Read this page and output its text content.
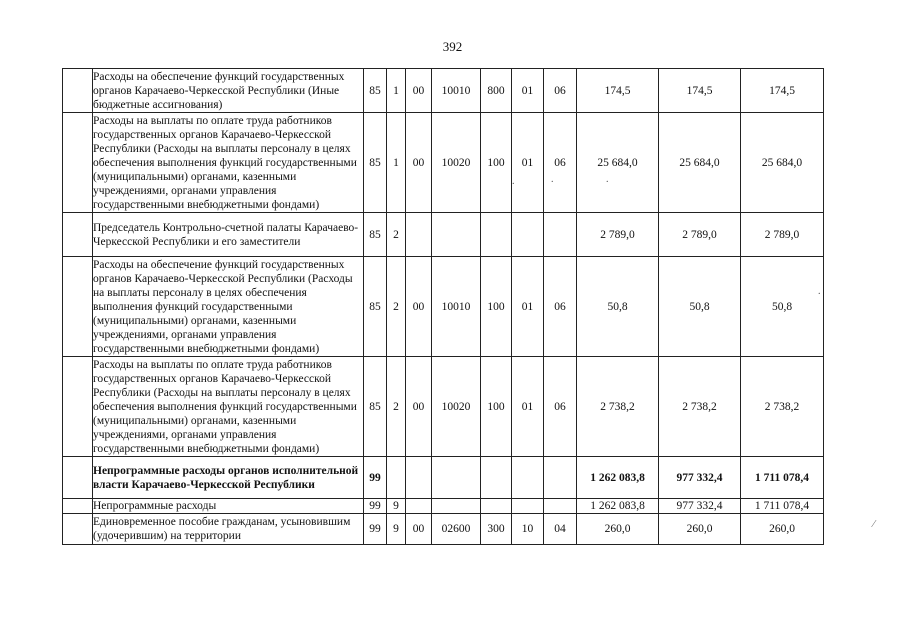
392
	Расходы на обеспечение функций государственных органов Карачаево-Черкесской Республики (Иные бюджетные ассигнования)	85	1	00	10010	800	01	06	174,5	174,5	174,5
	Расходы на выплаты по оплате труда работников государственных органов Карачаево-Черкесской Республики (Расходы на выплаты персоналу в целях обеспечения выполнения функций государственными (муниципальными) органами, казенными учреждениями, органами управления государственными внебюджетными фондами)	85	1	00	10020	100	01	06	25 684,0	25 684,0	25 684,0
	Председатель Контрольно-счетной палаты Карачаево-Черкесской Республики и его заместители	85	2						2 789,0	2 789,0	2 789,0
	Расходы на обеспечение функций государственных органов Карачаево-Черкесской Республики (Расходы на выплаты персоналу в целях обеспечения выполнения функций государственными (муниципальными) органами, казенными учреждениями, органами управления государственными внебюджетными фондами)	85	2	00	10010	100	01	06	50,8	50,8	50,8
	Расходы на выплаты по оплате труда работников государственных органов Карачаево-Черкесской Республики (Расходы на выплаты персоналу в целях обеспечения выполнения функций государственными (муниципальными) органами, казенными учреждениями, органами управления государственными внебюджетными фондами)	85	2	00	10020	100	01	06	2 738,2	2 738,2	2 738,2
	Непрограммные расходы органов исполнительной власти Карачаево-Черкесской Республики	99							1 262 083,8	977 332,4	1 711 078,4
	Непрограммные расходы	99	9						1 262 083,8	977 332,4	1 711 078,4
	Единовременное пособие гражданам, усыновившим (удочерившим) на территории	99	9	00	02600	300	10	04	260,0	260,0	260,0
.	.	.
.
⁄
